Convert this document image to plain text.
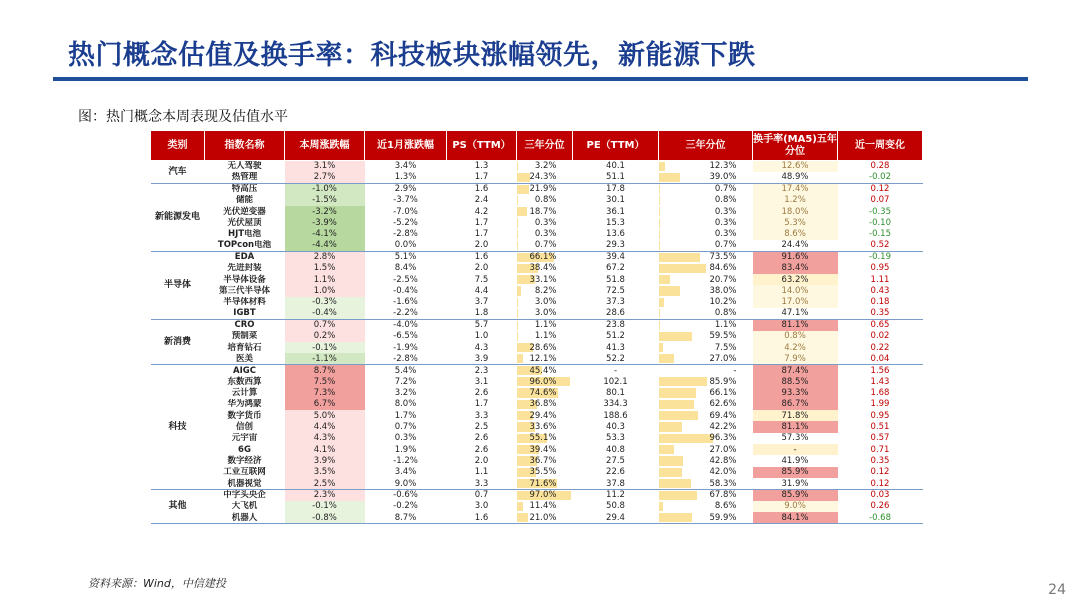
热门概念估值及换手率：科技板块涨幅领先，新能源下跌
图：热门概念本周表现及估值水平
类别	指数名称	本周涨跌幅	近1月涨跌幅	PS（TTM）	三年分位	PE（TTM）	三年分位	换手率(MA5)五年分位	近一周变化
汽车	无人驾驶	3.1%	3.4%	1.3	3.2%	40.1	12.3%	12.6%	0.28
	热管理	2.7%	1.3%	1.7	24.3%	51.1	39.0%	48.9%	-0.02
新能源发电	特高压	-1.0%	2.9%	1.6	21.9%	17.8	0.7%	17.4%	0.12
	储能	-1.5%	-3.7%	2.4	0.8%	30.1	0.8%	1.2%	0.07
	光伏逆变器	-3.2%	-7.0%	4.2	18.7%	36.1	0.3%	18.0%	-0.35
	光伏屋顶	-3.9%	-5.2%	1.7	0.3%	15.3	0.3%	5.3%	-0.10
	HJT电池	-4.1%	-2.8%	1.7	0.3%	13.6	0.3%	8.6%	-0.15
	TOPcon电池	-4.4%	0.0%	2.0	0.7%	29.3	0.7%	24.4%	0.52
半导体	EDA	2.8%	5.1%	1.6	66.1%	39.4	73.5%	91.6%	-0.19
	先进封装	1.5%	8.4%	2.0	38.4%	67.2	84.6%	83.4%	0.95
	半导体设备	1.1%	-2.5%	7.5	33.1%	51.8	20.7%	63.2%	1.11
	第三代半导体	1.0%	-0.4%	4.4	8.2%	72.5	38.0%	14.0%	0.43
	半导体材料	-0.3%	-1.6%	3.7	3.0%	37.3	10.2%	17.0%	0.18
	IGBT	-0.4%	-2.2%	1.8	3.0%	28.6	0.8%	47.1%	0.35
新消费	CRO	0.7%	-4.0%	5.7	1.1%	23.8	1.1%	81.1%	0.65
	预制菜	0.2%	-6.5%	1.0	1.1%	51.2	59.5%	0.8%	0.02
	培育钻石	-0.1%	-1.9%	4.3	28.6%	41.3	7.5%	4.2%	0.22
	医美	-1.1%	-2.8%	3.9	12.1%	52.2	27.0%	7.9%	0.04
科技	AIGC	8.7%	5.4%	2.3	45.4%	-	-	87.4%	1.56
	东数西算	7.5%	7.2%	3.1	96.0%	102.1	85.9%	88.5%	1.43
	云计算	7.3%	3.2%	2.6	74.6%	80.1	66.1%	93.3%	1.68
	华为鸿蒙	6.7%	8.0%	1.7	36.8%	334.3	62.6%	86.7%	1.99
	数字货币	5.0%	1.7%	3.3	29.4%	188.6	69.4%	71.8%	0.95
	信创	4.4%	0.7%	2.5	33.6%	40.3	42.2%	81.1%	0.51
	元宇宙	4.3%	0.3%	2.6	55.1%	53.3	96.3%	57.3%	0.57
	6G	4.1%	1.9%	2.6	39.4%	40.8	27.0%	-	0.71
	数字经济	3.9%	-1.2%	2.0	36.7%	27.5	42.8%	41.9%	0.35
	工业互联网	3.5%	3.4%	1.1	35.5%	22.6	42.0%	85.9%	0.12
	机器视觉	2.5%	9.0%	3.3	71.6%	37.8	58.3%	31.9%	0.12
其他	中字头央企	2.3%	-0.6%	0.7	97.0%	11.2	67.8%	85.9%	0.03
	大飞机	-0.1%	-0.2%	3.0	11.4%	50.8	8.6%	9.0%	0.26
	机器人	-0.8%	8.7%	1.6	21.0%	29.4	59.9%	84.1%	-0.68
资料来源：Wind，中信建投	24
